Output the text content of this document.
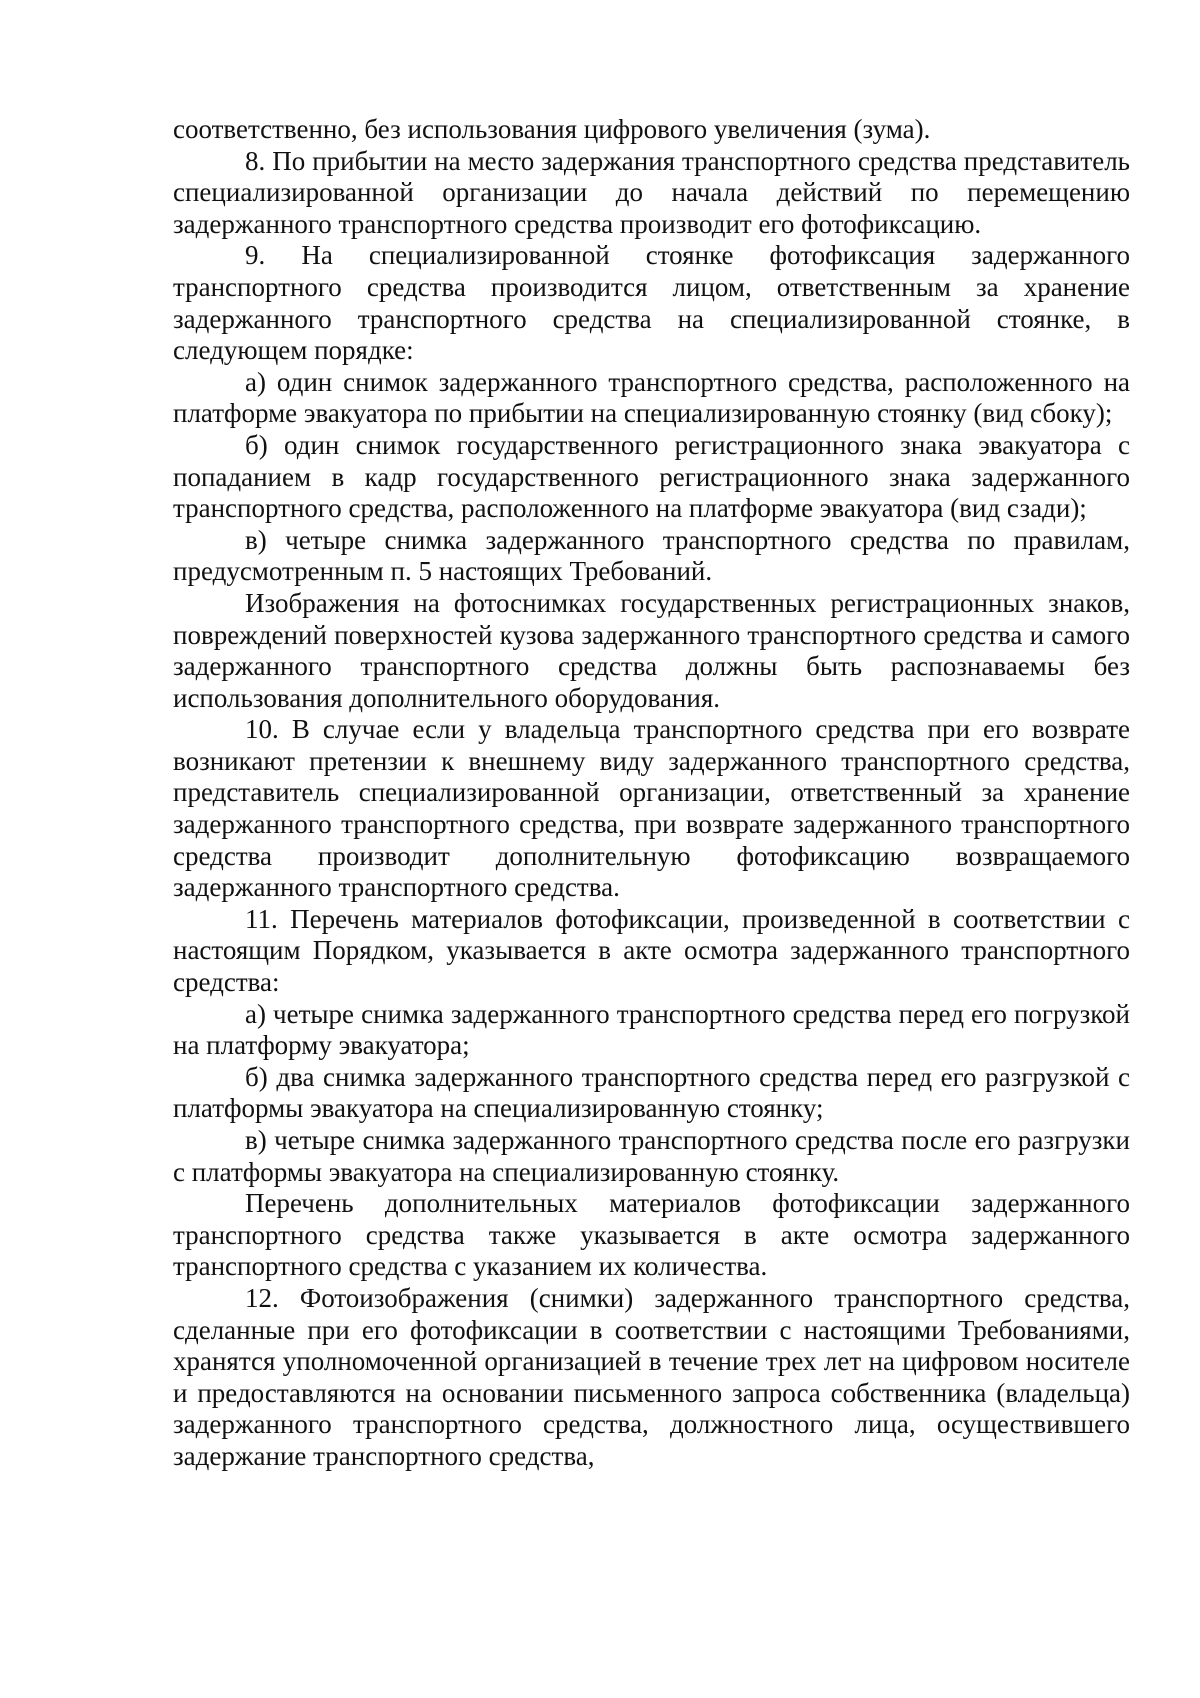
соответственно, без использования цифрового увеличения (зума).

8. По прибытии на место задержания транспортного средства представитель специализированной организации до начала действий по перемещению задержанного транспортного средства производит его фотофиксацию.

9. На специализированной стоянке фотофиксация задержанного транспортного средства производится лицом, ответственным за хранение задержанного транспортного средства на специализированной стоянке, в следующем порядке:

а) один снимок задержанного транспортного средства, расположенного на платформе эвакуатора по прибытии на специализированную стоянку (вид сбоку);

б) один снимок государственного регистрационного знака эвакуатора с попаданием в кадр государственного регистрационного знака задержанного транспортного средства, расположенного на платформе эвакуатора (вид сзади);

в) четыре снимка задержанного транспортного средства по правилам, предусмотренным п. 5 настоящих Требований.

Изображения на фотоснимках государственных регистрационных знаков, повреждений поверхностей кузова задержанного транспортного средства и самого задержанного транспортного средства должны быть распознаваемы без использования дополнительного оборудования.

10. В случае если у владельца транспортного средства при его возврате возникают претензии к внешнему виду задержанного транспортного средства, представитель специализированной организации, ответственный за хранение задержанного транспортного средства, при возврате задержанного транспортного средства производит дополнительную фотофиксацию возвращаемого задержанного транспортного средства.

11. Перечень материалов фотофиксации, произведенной в соответствии с настоящим Порядком, указывается в акте осмотра задержанного транспортного средства:

а) четыре снимка задержанного транспортного средства перед его погрузкой на платформу эвакуатора;

б) два снимка задержанного транспортного средства перед его разгрузкой с платформы эвакуатора на специализированную стоянку;

в) четыре снимка задержанного транспортного средства после его разгрузки с платформы эвакуатора на специализированную стоянку.

Перечень дополнительных материалов фотофиксации задержанного транспортного средства также указывается в акте осмотра задержанного транспортного средства с указанием их количества.

12. Фотоизображения (снимки) задержанного транспортного средства, сделанные при его фотофиксации в соответствии с настоящими Требованиями, хранятся уполномоченной организацией в течение трех лет на цифровом носителе и предоставляются на основании письменного запроса собственника (владельца) задержанного транспортного средства, должностного лица, осуществившего задержание транспортного средства,
